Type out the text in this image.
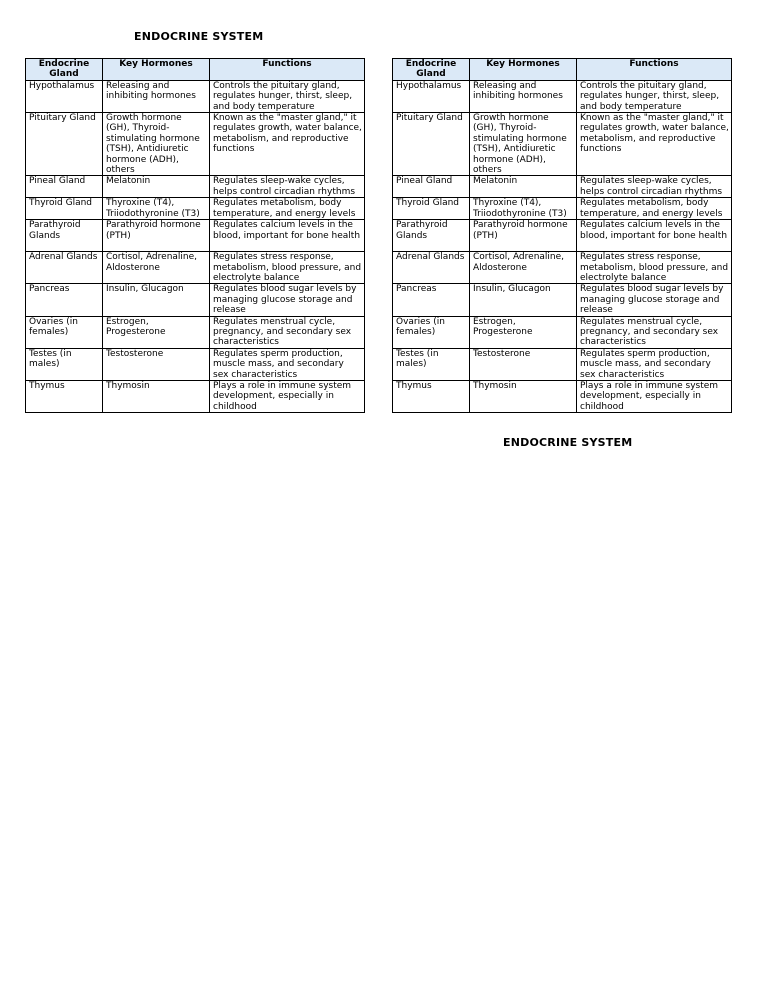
ENDOCRINE SYSTEM
Endocrine Gland	Key Hormones	Functions
Hypothalamus	Releasing and inhibiting hormones	Controls the pituitary gland, regulates hunger, thirst, sleep, and body temperature
Pituitary Gland	Growth hormone (GH), Thyroid-stimulating hormone (TSH), Antidiuretic hormone (ADH), others	Known as the "master gland," it regulates growth, water balance, metabolism, and reproductive functions
Pineal Gland	Melatonin	Regulates sleep-wake cycles, helps control circadian rhythms
Thyroid Gland	Thyroxine (T4), Triiodothyronine (T3)	Regulates metabolism, body temperature, and energy levels
Parathyroid Glands	Parathyroid hormone (PTH)	Regulates calcium levels in the blood, important for bone health
Adrenal Glands	Cortisol, Adrenaline, Aldosterone	Regulates stress response, metabolism, blood pressure, and electrolyte balance
Pancreas	Insulin, Glucagon	Regulates blood sugar levels by managing glucose storage and release
Ovaries (in females)	Estrogen, Progesterone	Regulates menstrual cycle, pregnancy, and secondary sex characteristics
Testes (in males)	Testosterone	Regulates sperm production, muscle mass, and secondary sex characteristics
Thymus	Thymosin	Plays a role in immune system development, especially in childhood
Endocrine Gland	Key Hormones	Functions
Hypothalamus	Releasing and inhibiting hormones	Controls the pituitary gland, regulates hunger, thirst, sleep, and body temperature
Pituitary Gland	Growth hormone (GH), Thyroid-stimulating hormone (TSH), Antidiuretic hormone (ADH), others	Known as the "master gland," it regulates growth, water balance, metabolism, and reproductive functions
Pineal Gland	Melatonin	Regulates sleep-wake cycles, helps control circadian rhythms
Thyroid Gland	Thyroxine (T4), Triiodothyronine (T3)	Regulates metabolism, body temperature, and energy levels
Parathyroid Glands	Parathyroid hormone (PTH)	Regulates calcium levels in the blood, important for bone health
Adrenal Glands	Cortisol, Adrenaline, Aldosterone	Regulates stress response, metabolism, blood pressure, and electrolyte balance
Pancreas	Insulin, Glucagon	Regulates blood sugar levels by managing glucose storage and release
Ovaries (in females)	Estrogen, Progesterone	Regulates menstrual cycle, pregnancy, and secondary sex characteristics
Testes (in males)	Testosterone	Regulates sperm production, muscle mass, and secondary sex characteristics
Thymus	Thymosin	Plays a role in immune system development, especially in childhood
ENDOCRINE SYSTEM
